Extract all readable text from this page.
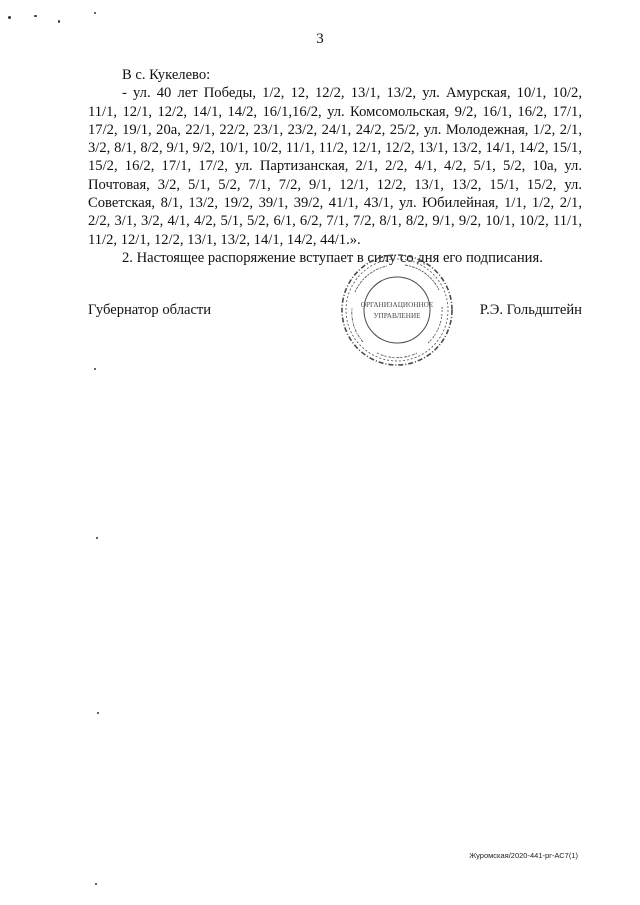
3

В с. Кукелево:

- ул. 40 лет Победы, 1/2, 12, 12/2, 13/1, 13/2, ул. Амурская, 10/1, 10/2, 11/1, 12/1, 12/2, 14/1, 14/2, 16/1,16/2, ул. Комсомольская, 9/2, 16/1, 16/2, 17/1, 17/2, 19/1, 20а, 22/1, 22/2, 23/1, 23/2, 24/1, 24/2, 25/2, ул. Молодежная, 1/2, 2/1, 3/2, 8/1, 8/2, 9/1, 9/2, 10/1, 10/2, 11/1, 11/2, 12/1, 12/2, 13/1, 13/2, 14/1, 14/2, 15/1, 15/2, 16/2, 17/1, 17/2, ул. Партизанская, 2/1, 2/2, 4/1, 4/2, 5/1, 5/2, 10а, ул. Почтовая, 3/2, 5/1, 5/2, 7/1, 7/2, 9/1, 12/1, 12/2, 13/1, 13/2, 15/1, 15/2, ул. Советская, 8/1, 13/2, 19/2, 39/1, 39/2, 41/1, 43/1, ул. Юбилейная, 1/1, 1/2, 2/1, 2/2, 3/1, 3/2, 4/1, 4/2, 5/1, 5/2, 6/1, 6/2, 7/1, 7/2, 8/1, 8/2, 9/1, 9/2, 10/1, 10/2, 11/1, 11/2, 12/1, 12/2, 13/1, 13/2, 14/1, 14/2, 44/1.».

2. Настоящее распоряжение вступает в силу со дня его подписания.

Губернатор области	Р.Э. Гольдштейн
ОРГАНИЗАЦИОННОЕ
УПРАВЛЕНИЕ
Журомская/2020-441-рг-АС7(1)
